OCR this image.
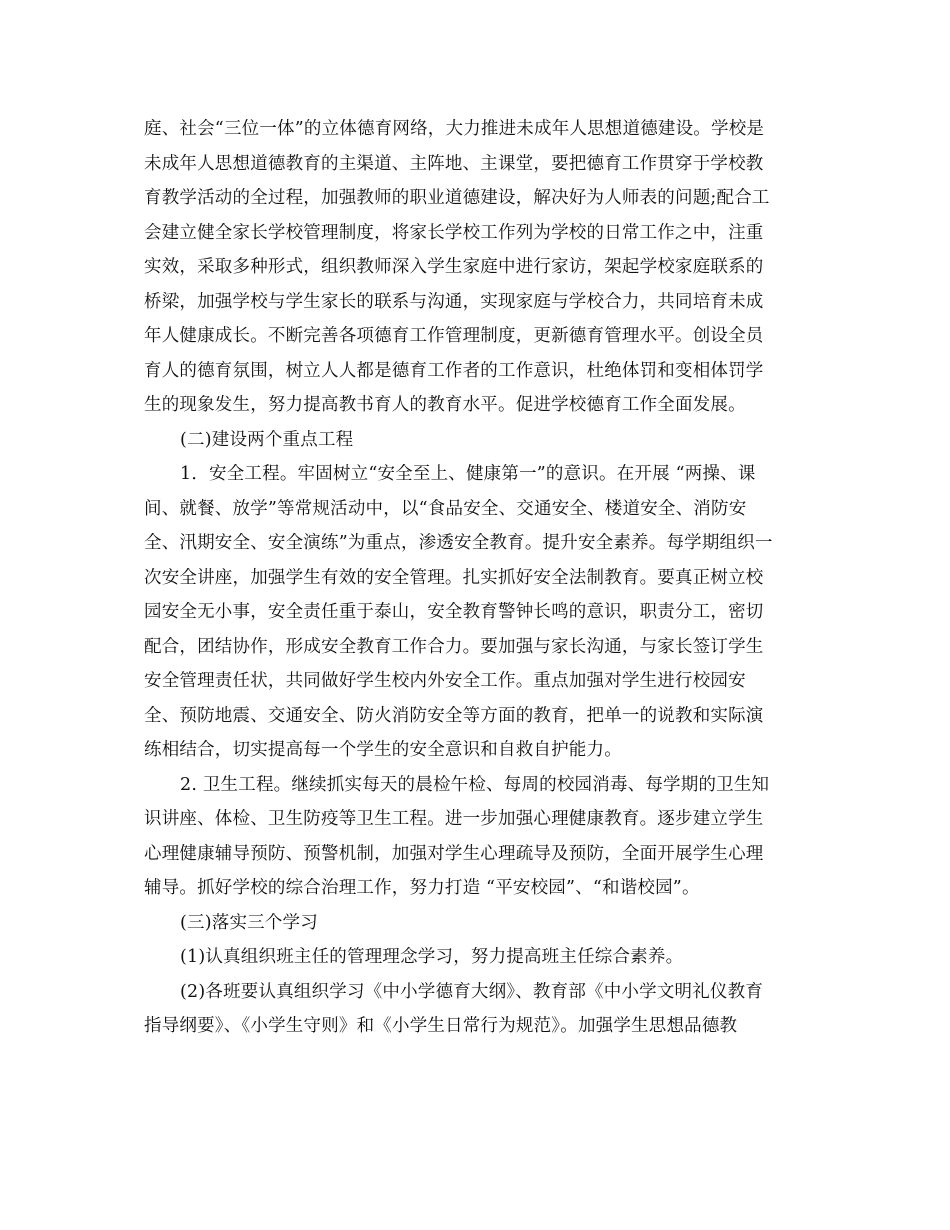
庭、社会“三位一体”的立体德育网络，大力推进未成年人思想道德建设。学校是
未成年人思想道德教育的主渠道、主阵地、主课堂，要把德育工作贯穿于学校教
育教学活动的全过程，加强教师的职业道德建设，解决好为人师表的问题;配合工
会建立健全家长学校管理制度，将家长学校工作列为学校的日常工作之中，注重
实效，采取多种形式，组织教师深入学生家庭中进行家访，架起学校家庭联系的
桥梁，加强学校与学生家长的联系与沟通，实现家庭与学校合力，共同培育未成
年人健康成长。不断完善各项德育工作管理制度，更新德育管理水平。创设全员
育人的德育氛围，树立人人都是德育工作者的工作意识，杜绝体罚和变相体罚学
生的现象发生，努力提高教书育人的教育水平。促进学校德育工作全面发展。
(二)建设两个重点工程
1．安全工程。牢固树立“安全至上、健康第一”的意识。在开展 “两操、课
间、就餐、放学”等常规活动中，以“食品安全、交通安全、楼道安全、消防安
全、汛期安全、安全演练”为重点，渗透安全教育。提升安全素养。每学期组织一
次安全讲座，加强学生有效的安全管理。扎实抓好安全法制教育。要真正树立校
园安全无小事，安全责任重于泰山，安全教育警钟长鸣的意识，职责分工，密切
配合，团结协作，形成安全教育工作合力。要加强与家长沟通，与家长签订学生
安全管理责任状，共同做好学生校内外安全工作。重点加强对学生进行校园安
全、预防地震、交通安全、防火消防安全等方面的教育，把单一的说教和实际演
练相结合，切实提高每一个学生的安全意识和自救自护能力。
2. 卫生工程。继续抓实每天的晨检午检、每周的校园消毒、每学期的卫生知
识讲座、体检、卫生防疫等卫生工程。进一步加强心理健康教育。逐步建立学生
心理健康辅导预防、预警机制，加强对学生心理疏导及预防，全面开展学生心理
辅导。抓好学校的综合治理工作，努力打造 “平安校园”、“和谐校园”。
(三)落实三个学习
(1)认真组织班主任的管理理念学习，努力提高班主任综合素养。
(2)各班要认真组织学习《中小学德育大纲》、教育部《中小学文明礼仪教育
指导纲要》、《小学生守则》和《小学生日常行为规范》。加强学生思想品德教
